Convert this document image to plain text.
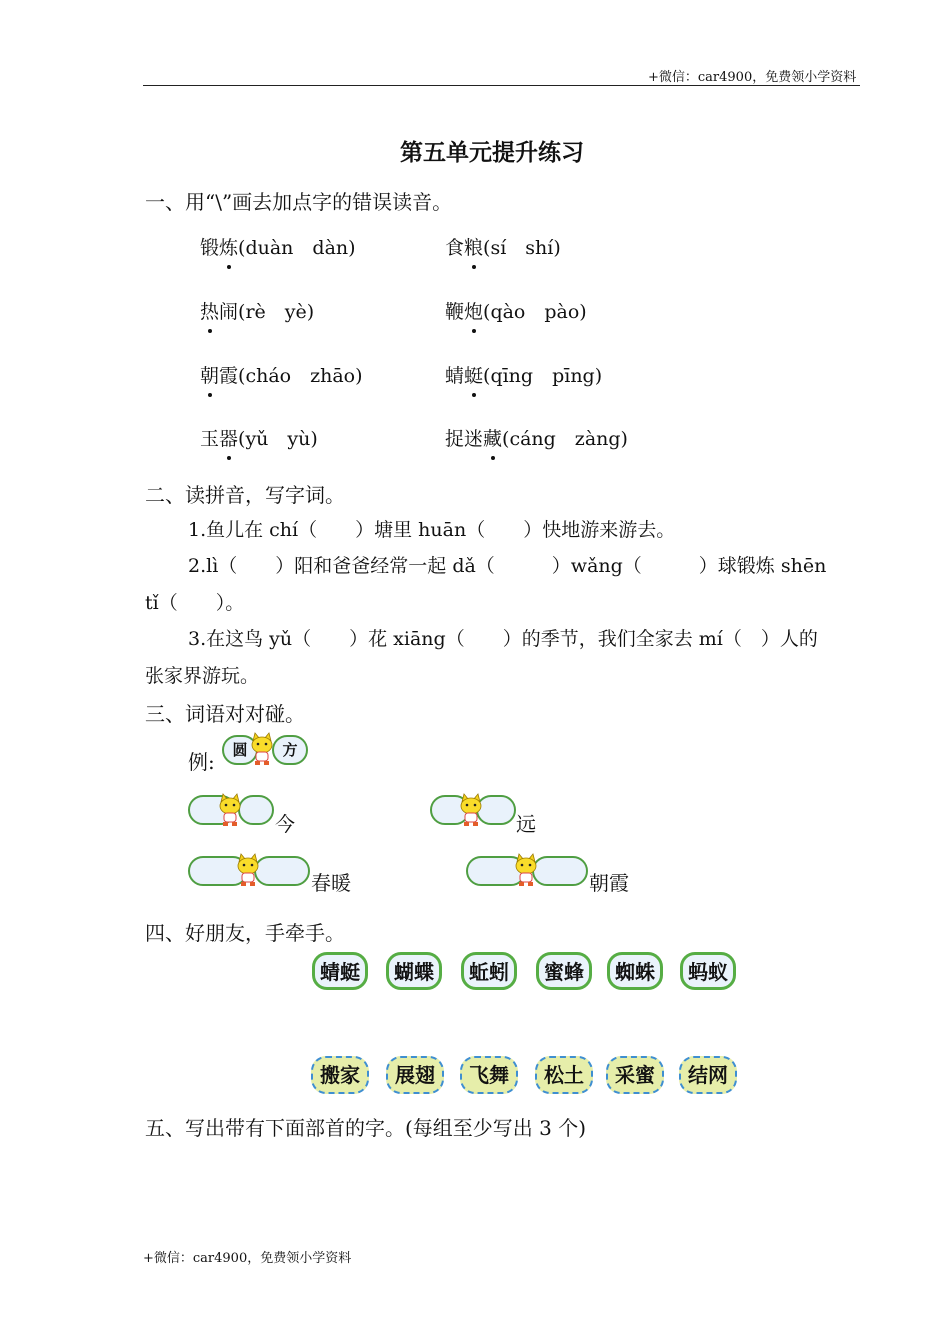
+微信：car4900，免费领小学资料
第五单元提升练习
一、用“\”画去加点字的错误读音。
锻炼(duàn　dàn)	食粮(sí　shí)
热闹(rè　yè)	鞭炮(qào　pào)
朝霞(cháo　zhāo)	蜻蜓(qīng　pīng)
玉器(yǔ　yù)	捉迷藏(cáng　zàng)
二、读拼音，写字词。
1.鱼儿在 chí（　　）塘里 huān（　　）快地游来游去。
2.lì（　　）阳和爸爸经常一起 dǎ（　　　）wǎng（　　　）球锻炼 shēn
tǐ（　　）。
3.在这鸟 yǔ（　　）花 xiāng（　　）的季节，我们全家去 mí（　）人的
张家界游玩。
三、词语对对碰。
例:	圆	方
今	远
春暖	朝霞
四、好朋友，手牵手。
蜻蜓	蝴蝶	蚯蚓	蜜蜂	蜘蛛	蚂蚁
搬家	展翅	飞舞	松土	采蜜	结网
五、写出带有下面部首的字。(每组至少写出 3 个)
+微信：car4900，免费领小学资料
